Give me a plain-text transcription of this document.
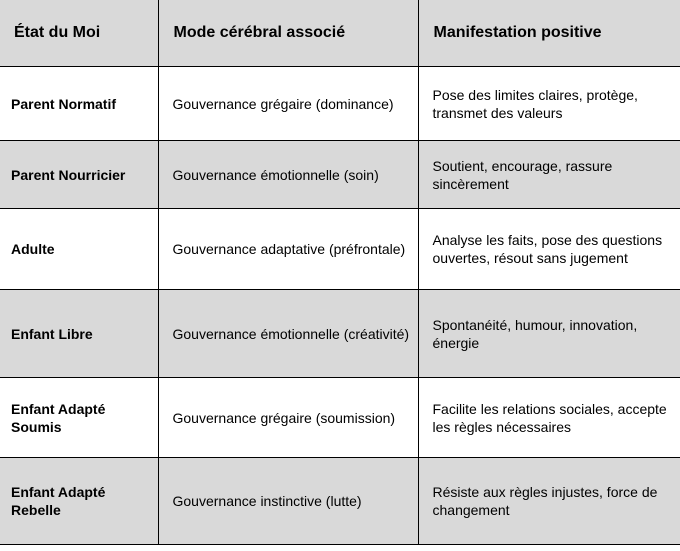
État du Moi	Mode cérébral associé	Manifestation positive
Parent Normatif	Gouvernance grégaire (dominance)	Pose des limites claires, protège, transmet des valeurs
Parent Nourricier	Gouvernance émotionnelle (soin)	Soutient, encourage, rassure sincèrement
Adulte	Gouvernance adaptative (préfrontale)	Analyse les faits, pose des questions ouvertes, résout sans jugement
Enfant Libre	Gouvernance émotionnelle (créativité)	Spontanéité, humour, innovation, énergie
Enfant Adapté Soumis	Gouvernance grégaire (soumission)	Facilite les relations sociales, accepte les règles nécessaires
Enfant Adapté Rebelle	Gouvernance instinctive (lutte)	Résiste aux règles injustes, force de changement
